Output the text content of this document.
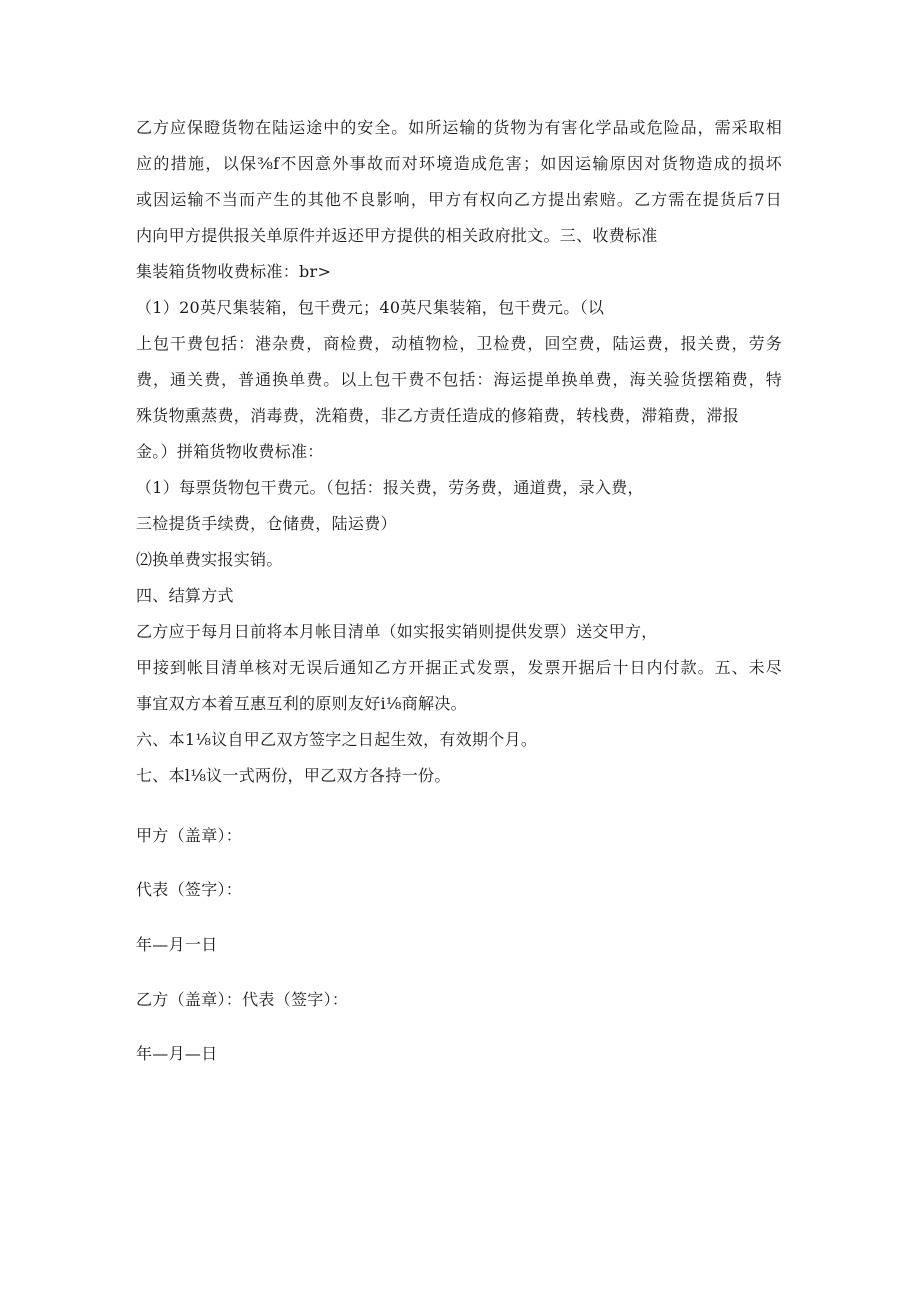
乙方应保瞪货物在陆运途中的安全。如所运输的货物为有害化学品或危险品，需采取相
应的措施，以保⅜f不因意外事故而对环境造成危害；如因运输原因对货物造成的损坏
或因运输不当而产生的其他不良影响，甲方有权向乙方提出索赔。乙方需在提货后7日
内向甲方提供报关单原件并返还甲方提供的相关政府批文。三、收费标准
集装箱货物收费标准：br>
（1）20英尺集装箱，包干费元；40英尺集装箱，包干费元。（以
上包干费包括：港杂费，商检费，动植物检，卫检费，回空费，陆运费，报关费，劳务
费，通关费，普通换单费。以上包干费不包括：海运提单换单费，海关验货摆箱费，特
殊货物熏蒸费，消毒费，洗箱费，非乙方责任造成的修箱费，转栈费，滞箱费，滞报
金。）拼箱货物收费标准：
（1）每票货物包干费元。（包括：报关费，劳务费，通道费，录入费，
三检提货手续费，仓储费，陆运费）
⑵换单费实报实销。
四、结算方式
乙方应于每月日前将本月帐目清单（如实报实销则提供发票）送交甲方，
甲接到帐目清单核对无误后通知乙方开据正式发票，发票开据后十日内付款。五、未尽
事宜双方本着互惠互利的原则友好i⅛商解决。
六、本1⅛议自甲乙双方签字之日起生效，有效期个月。
七、本l⅛议一式两份，甲乙双方各持一份。
甲方（盖章）：
代表（签字）：
年—月一日
乙方（盖章）：代表（签字）：
年—月—日
